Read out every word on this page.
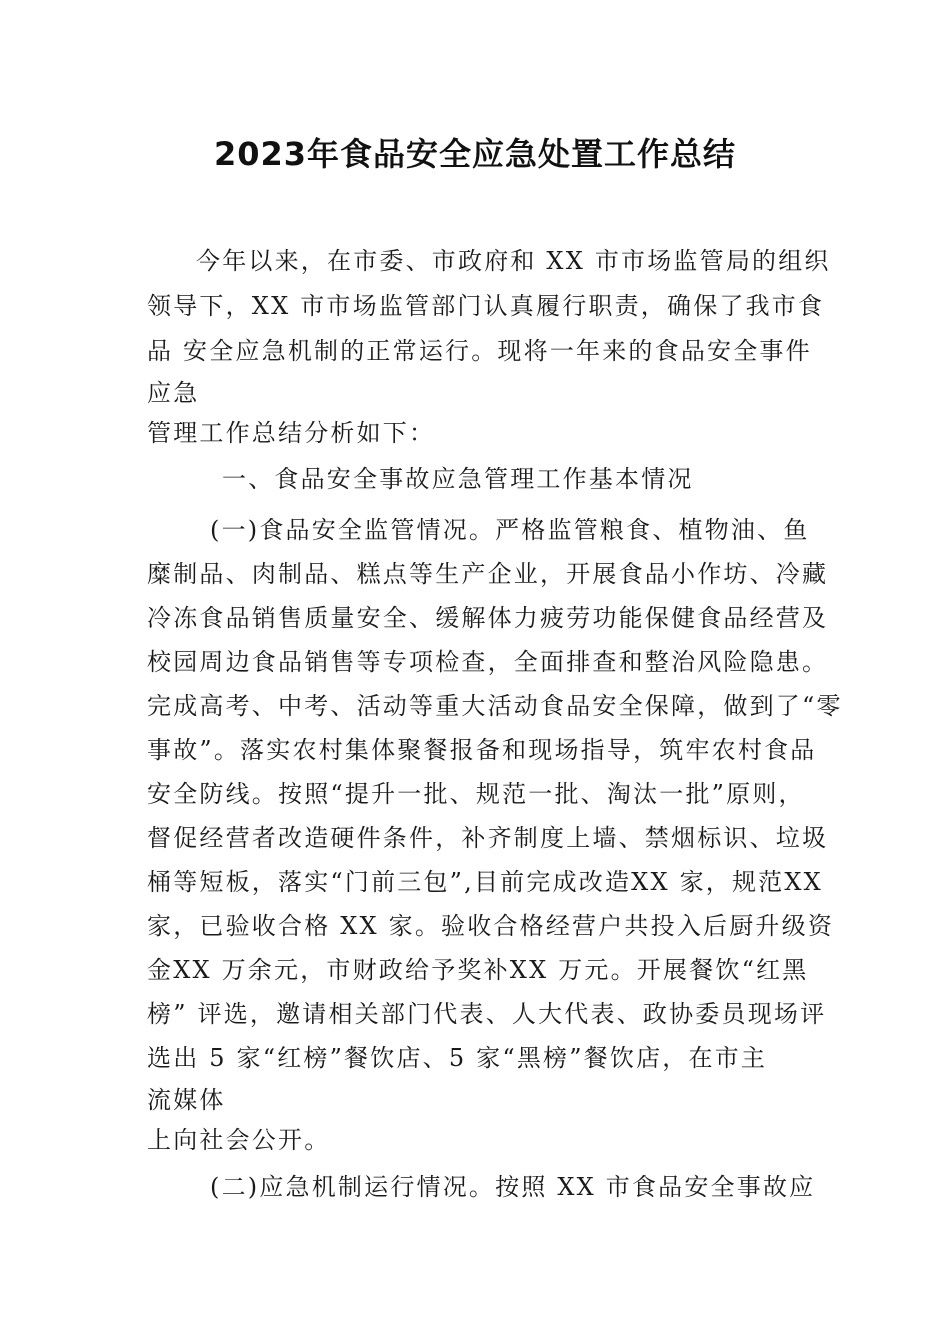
2023年食品安全应急处置工作总结
今年以来，在市委、市政府和 XX 市市场监管局的组织
领导下，XX 市市场监管部门认真履行职责，确保了我市食
品 安全应急机制的正常运行。现将一年来的食品安全事件
应急
管理工作总结分析如下：
一、食品安全事故应急管理工作基本情况
(一)食品安全监管情况。严格监管粮食、植物油、鱼
糜制品、肉制品、糕点等生产企业，开展食品小作坊、冷藏
冷冻食品销售质量安全、缓解体力疲劳功能保健食品经营及
校园周边食品销售等专项检查，全面排查和整治风险隐患。
完成高考、中考、活动等重大活动食品安全保障，做到了“零
事故”。落实农村集体聚餐报备和现场指导，筑牢农村食品
安全防线。按照“提升一批、规范一批、淘汰一批”原则，
督促经营者改造硬件条件，补齐制度上墙、禁烟标识、垃圾
桶等短板，落实“门前三包”,目前完成改造XX 家，规范XX
家，已验收合格 XX 家。验收合格经营户共投入后厨升级资
金XX 万余元，市财政给予奖补XX 万元。开展餐饮“红黑
榜” 评选，邀请相关部门代表、人大代表、政协委员现场评
选出 5 家“红榜”餐饮店、5 家“黑榜”餐饮店，在市主
流媒体
上向社会公开。
(二)应急机制运行情况。按照 XX 市食品安全事故应
